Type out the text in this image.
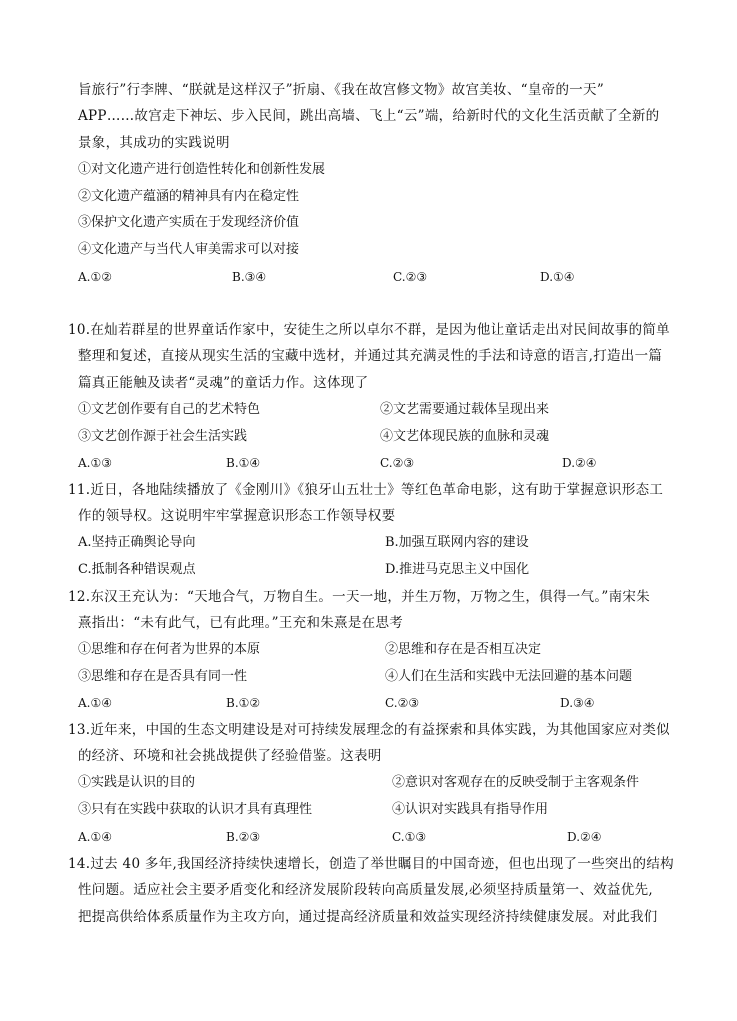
旨旅行”行李牌、“朕就是这样汉子”折扇、《我在故宫修文物》故宫美妆、“皇帝的一天”
APP……故宫走下神坛、步入民间，跳出高墙、飞上“云”端，给新时代的文化生活贡献了全新的
景象，其成功的实践说明
①对文化遗产进行创造性转化和创新性发展
②文化遗产蕴涵的精神具有内在稳定性
③保护文化遗产实质在于发现经济价值
④文化遗产与当代人审美需求可以对接
A.①②	B.③④	C.②③	D.①④
10.在灿若群星的世界童话作家中，安徒生之所以卓尔不群，是因为他让童话走出对民间故事的简单
整理和复述，直接从现实生活的宝藏中选材，并通过其充满灵性的手法和诗意的语言,打造出一篇
篇真正能触及读者“灵魂”的童话力作。这体现了
①文艺创作要有自己的艺术特色	②文艺需要通过载体呈现出来
③文艺创作源于社会生活实践	④文艺体现民族的血脉和灵魂
A.①③	B.①④	C.②③	D.②④
11.近日，各地陆续播放了《金刚川》《狼牙山五壮士》等红色革命电影，这有助于掌握意识形态工
作的领导权。这说明牢牢掌握意识形态工作领导权要
A.坚持正确舆论导向	B.加强互联网内容的建设
C.抵制各种错误观点	D.推进马克思主义中国化
12.东汉王充认为：“天地合气，万物自生。一天一地，并生万物，万物之生，俱得一气。”南宋朱
熹指出：“未有此气，已有此理。”王充和朱熹是在思考
①思维和存在何者为世界的本原	②思维和存在是否相互决定
③思维和存在是否具有同一性	④人们在生活和实践中无法回避的基本问题
A.①④	B.①②	C.②③	D.③④
13.近年来，中国的生态文明建设是对可持续发展理念的有益探索和具体实践，为其他国家应对类似
的经济、环境和社会挑战提供了经验借鉴。这表明
①实践是认识的目的	②意识对客观存在的反映受制于主客观条件
③只有在实践中获取的认识才具有真理性	④认识对实践具有指导作用
A.①④	B.②③	C.①③	D.②④
14.过去 40 多年,我国经济持续快速增长，创造了举世瞩目的中国奇迹，但也出现了一些突出的结构
性问题。适应社会主要矛盾变化和经济发展阶段转向高质量发展,必须坚持质量第一、效益优先,
把提高供给体系质量作为主攻方向，通过提高经济质量和效益实现经济持续健康发展。对此我们
